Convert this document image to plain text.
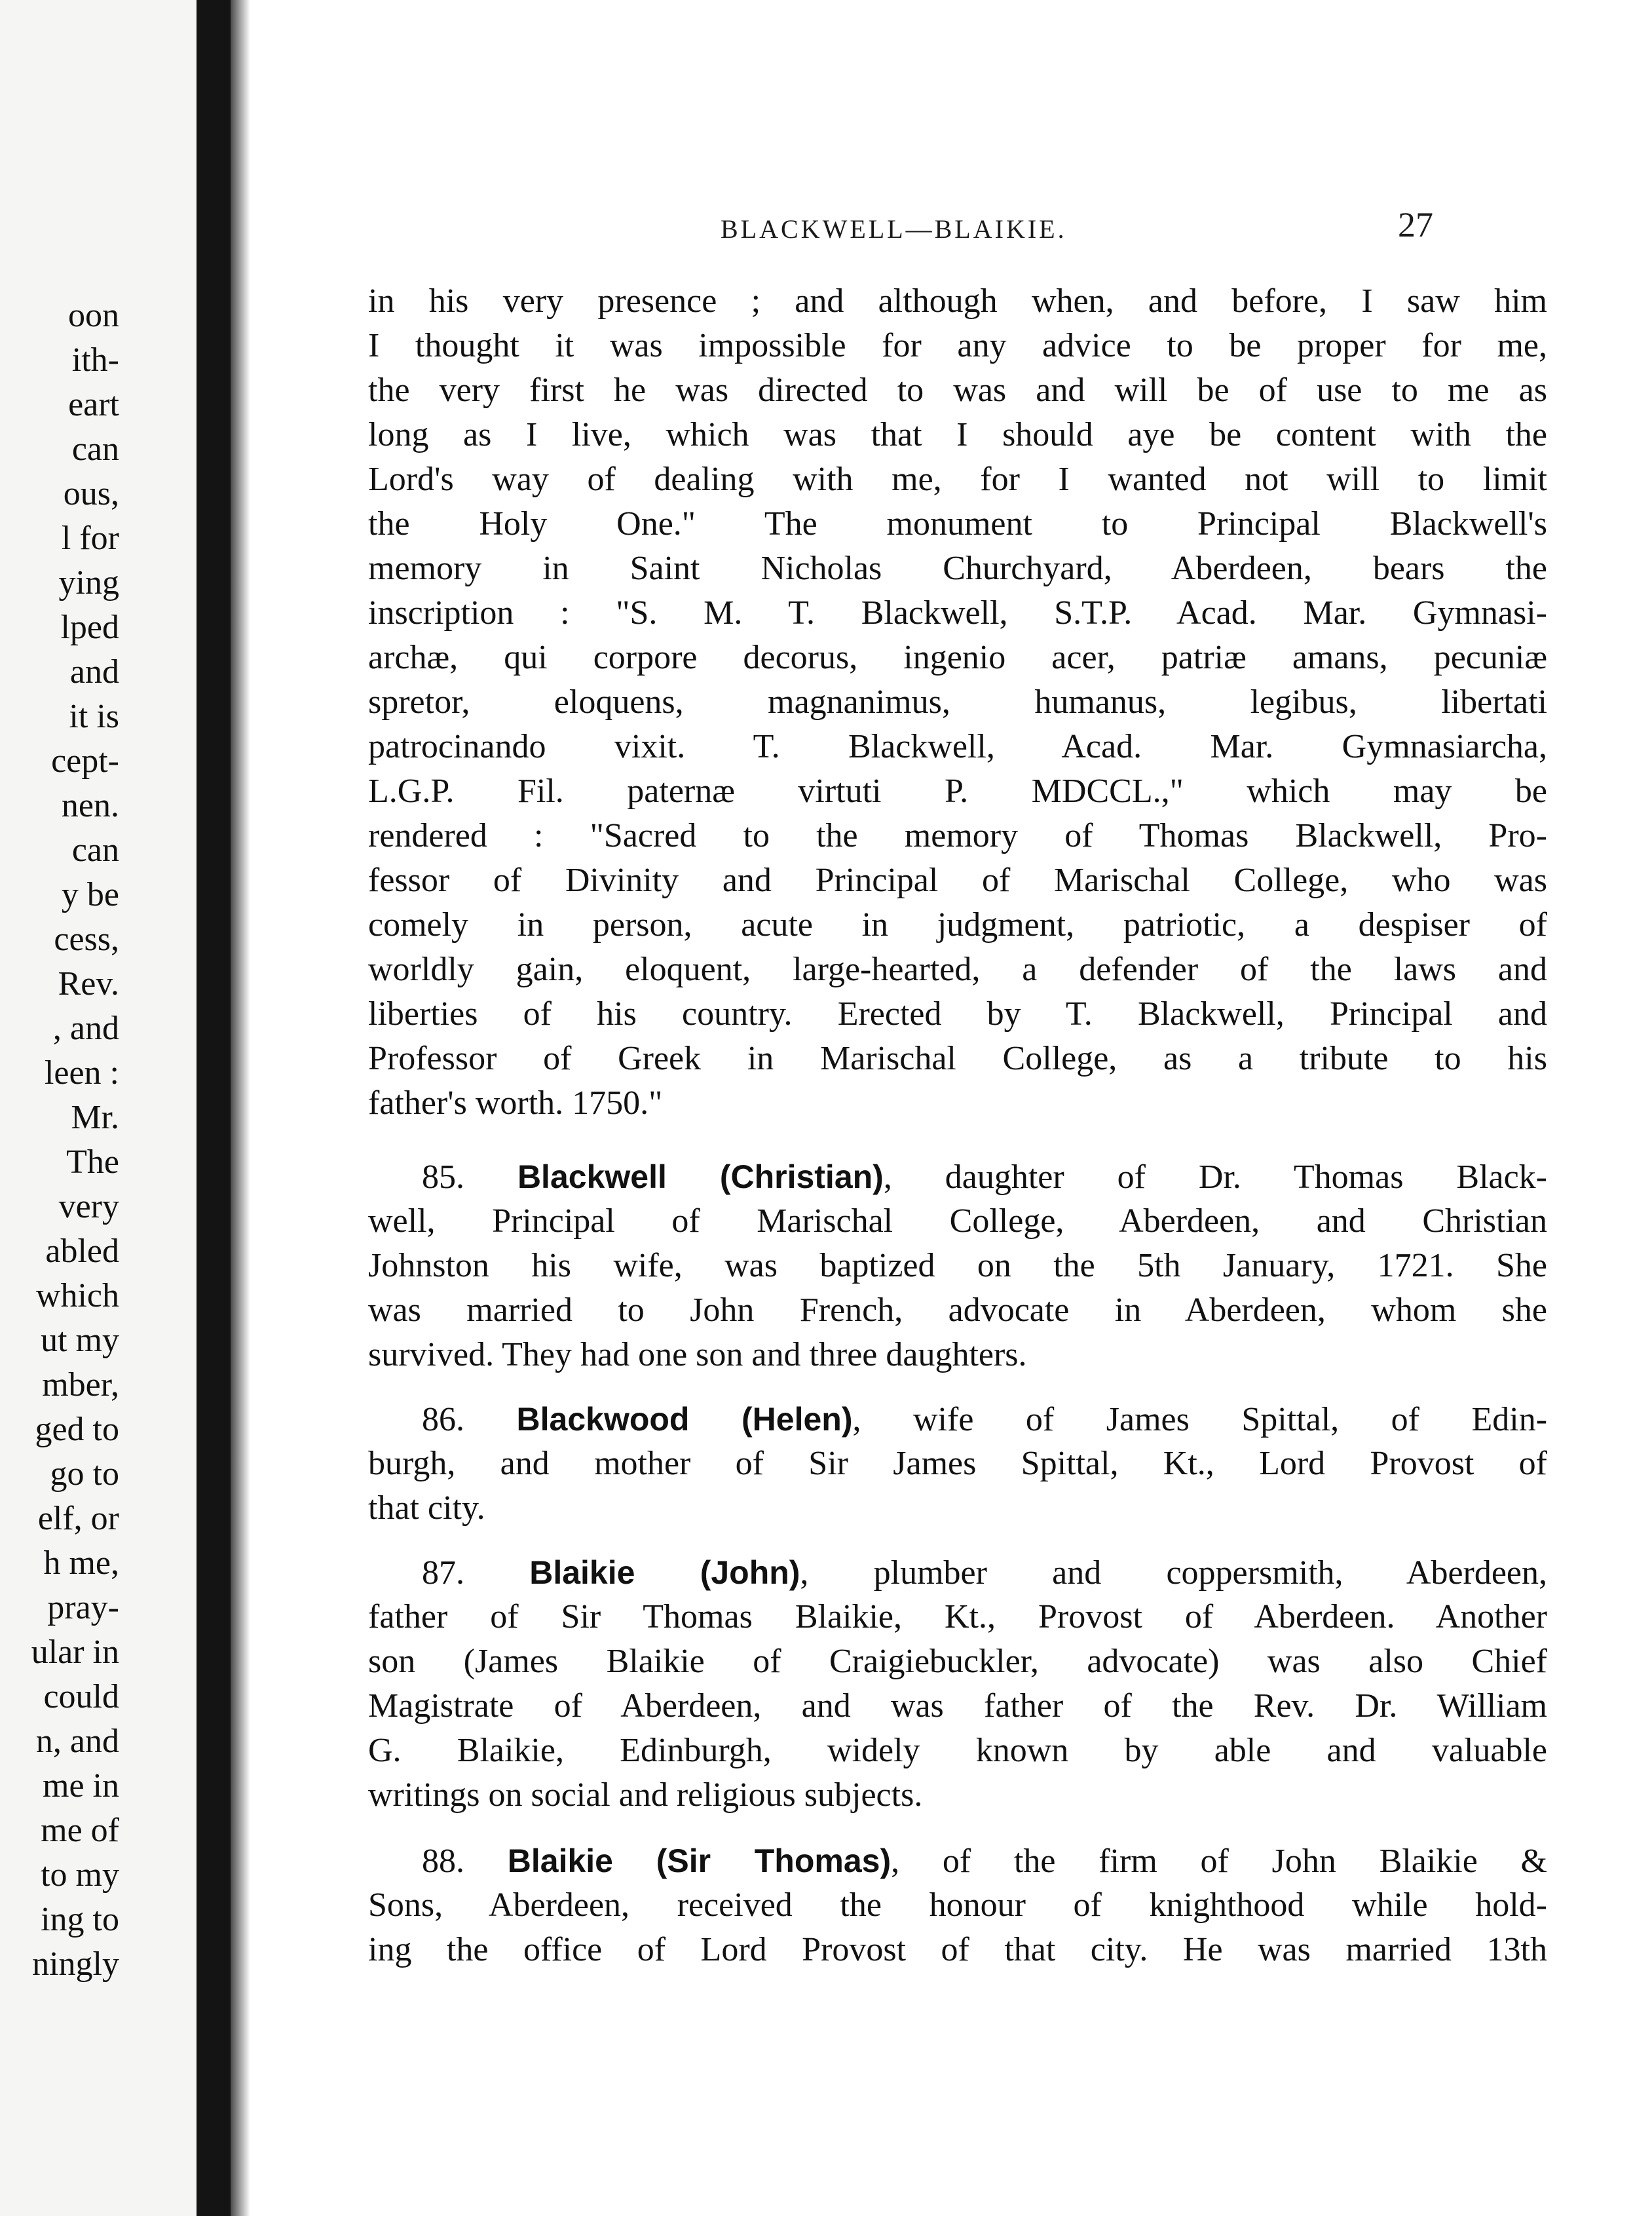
oon
ith-
eart
can
ous,
l for
ying
lped
and
it is
cept-
nen.
can
y be
cess,
Rev.
, and
leen :
Mr.
The
very
abled
which
ut my
mber,
ged to
go to
elf, or
h me,
pray-
ular in
could
n, and
me in
me of
to my
ing to
ningly
BLACKWELL—BLAIKIE.	27
in his very presence ; and although when, and before, I saw him
I thought it was impossible for any advice to be proper for me,
the very first he was directed to was and will be of use to me as
long as I live, which was that I should aye be content with the
Lord's way of dealing with me, for I wanted not will to limit
the Holy One." The monument to Principal Blackwell's
memory in Saint Nicholas Churchyard, Aberdeen, bears the
inscription : "S. M. T. Blackwell, S.T.P. Acad. Mar. Gymnasi-
archæ, qui corpore decorus, ingenio acer, patriæ amans, pecuniæ
spretor, eloquens, magnanimus, humanus, legibus, libertati
patrocinando vixit. T. Blackwell, Acad. Mar. Gymnasiarcha,
L.G.P. Fil. paternæ virtuti P. MDCCL.," which may be
rendered : "Sacred to the memory of Thomas Blackwell, Pro-
fessor of Divinity and Principal of Marischal College, who was
comely in person, acute in judgment, patriotic, a despiser of
worldly gain, eloquent, large-hearted, a defender of the laws and
liberties of his country. Erected by T. Blackwell, Principal and
Professor of Greek in Marischal College, as a tribute to his
father's worth. 1750."
85. Blackwell (Christian), daughter of Dr. Thomas Black-
well, Principal of Marischal College, Aberdeen, and Christian
Johnston his wife, was baptized on the 5th January, 1721. She
was married to John French, advocate in Aberdeen, whom she
survived. They had one son and three daughters.
86. Blackwood (Helen), wife of James Spittal, of Edin-
burgh, and mother of Sir James Spittal, Kt., Lord Provost of
that city.
87. Blaikie (John), plumber and coppersmith, Aberdeen,
father of Sir Thomas Blaikie, Kt., Provost of Aberdeen. Another
son (James Blaikie of Craigiebuckler, advocate) was also Chief
Magistrate of Aberdeen, and was father of the Rev. Dr. William
G. Blaikie, Edinburgh, widely known by able and valuable
writings on social and religious subjects.
88. Blaikie (Sir Thomas), of the firm of John Blaikie &
Sons, Aberdeen, received the honour of knighthood while hold-
ing the office of Lord Provost of that city. He was married 13th
